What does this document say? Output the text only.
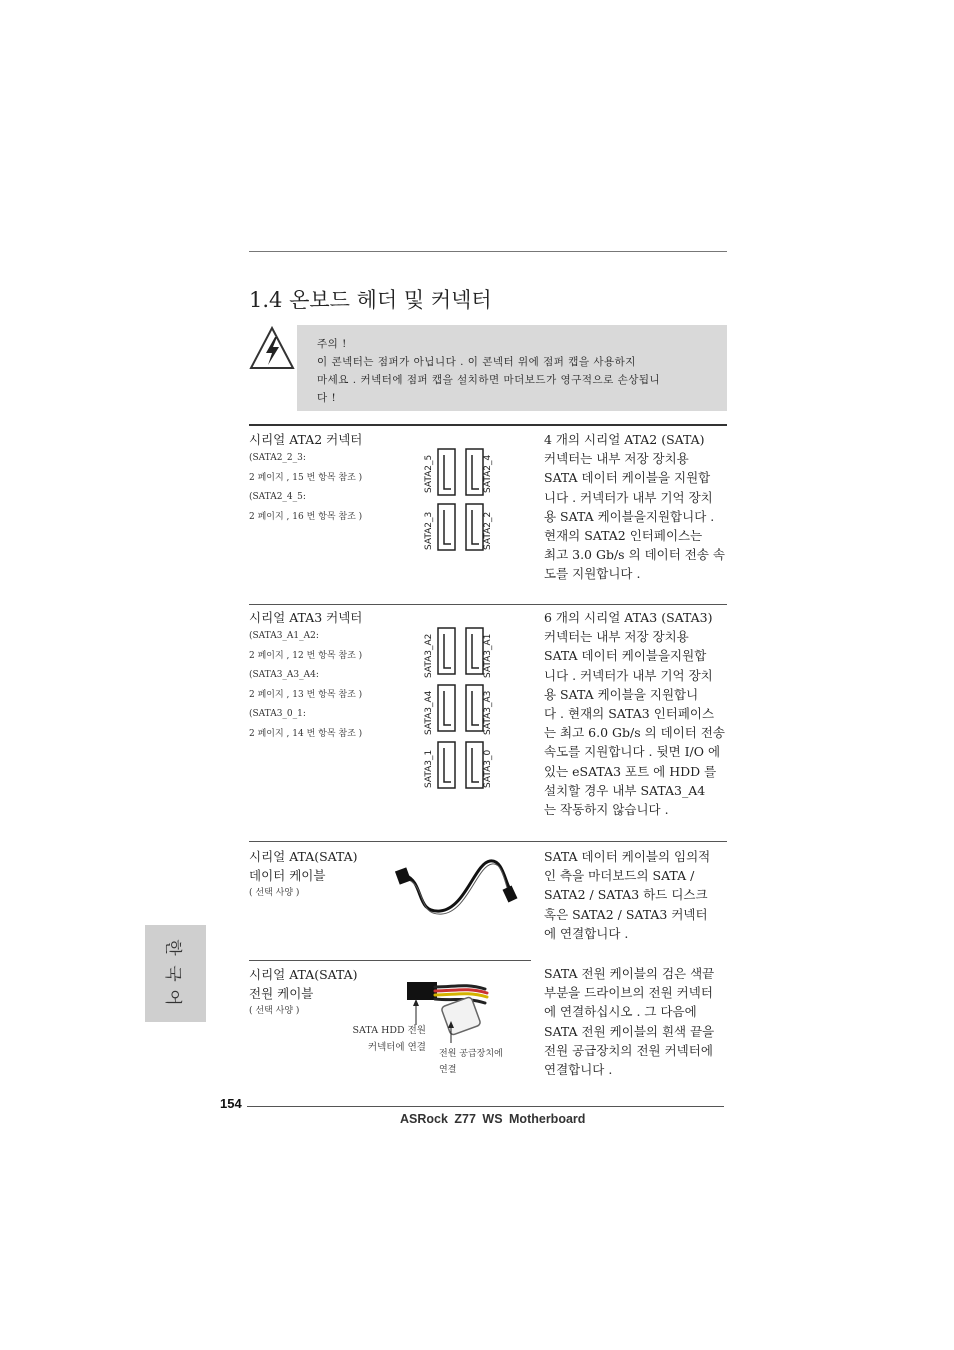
1.4 온보드 헤더 및 커넥터
주의 !
이 콘넥터는 점퍼가 아닙니다 . 이 콘넥터 위에 점퍼 캡을 사용하지
마세요 . 커넥터에 점퍼 캡을 설치하면 마더보드가 영구적으로 손상됩니
다 !
시리얼 ATA2 커넥터
(SATA2_2_3:
2 페이지 , 15 번 항목 참조 )
(SATA2_4_5:
2 페이지 , 16 번 항목 참조 )
SATA2_5	SATA2_4
SATA2_3	SATA2_2
4 개의 시리얼 ATA2 (SATA)
커넥터는 내부 저장 장치용
SATA 데이터 케이블을 지원합
니다 . 커넥터가 내부 기억 장치
용 SATA 케이블을지원합니다 .
현재의 SATA2 인터페이스는
최고 3.0 Gb/s 의 데이터 전송 속
도를 지원합니다 .
시리얼 ATA3 커넥터
(SATA3_A1_A2:
2 페이지 , 12 번 항목 참조 )
(SATA3_A3_A4:
2 페이지 , 13 번 항목 참조 )
(SATA3_0_1:
2 페이지 , 14 번 항목 참조 )
SATA3_A2	SATA3_A1
SATA3_A4	SATA3_A3
SATA3_1	SATA3_0
6 개의 시리얼 ATA3 (SATA3)
커넥터는 내부 저장 장치용
SATA 데이터 케이블을지원합
니다 . 커넥터가 내부 기억 장치
용 SATA 케이블을 지원합니
다 . 현재의 SATA3 인터페이스
는 최고 6.0 Gb/s 의 데이터 전송
속도를 지원합니다 . 뒷면 I/O 에
있는 eSATA3 포트 에 HDD 를
설치할 경우 내부 SATA3_A4
는 작동하지 않습니다 .
시리얼 ATA(SATA)
데이터 케이블
( 선택 사양 )
SATA 데이터 케이블의 임의적
인 측을 마더보드의 SATA /
SATA2 / SATA3 하드 디스크
혹은 SATA2 / SATA3 커넥터
에 연결합니다 .
시리얼 ATA(SATA)
전원 케이블
( 선택 사양 )
SATA HDD 전원
커넥터에 연결
전원 공급장치에
연결
SATA 전원 케이블의 검은 색끝
부분을 드라이브의 전원 커넥터
에 연결하십시오 . 그 다음에
SATA 전원 케이블의 흰색 끝을
전원 공급장치의 전원 커넥터에
연결합니다 .
한
국
어
154
ASRock Z77 WS Motherboard
